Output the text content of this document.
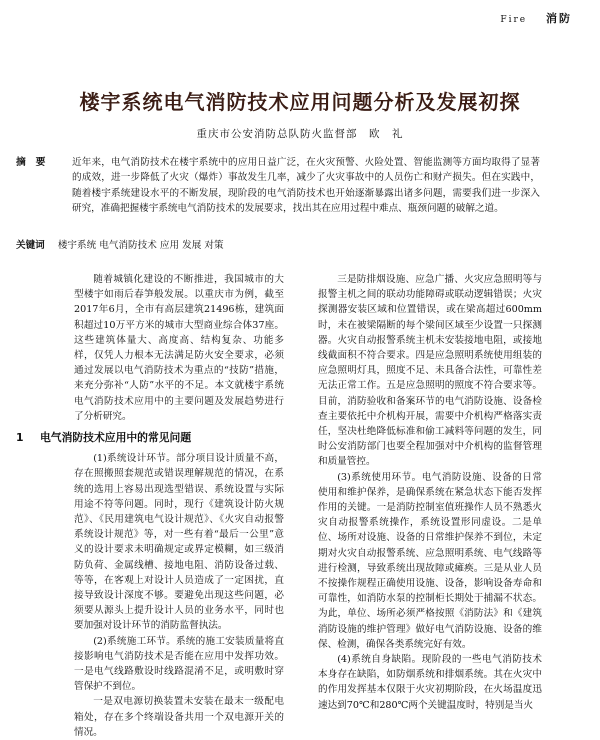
Fire 消防
楼宇系统电气消防技术应用问题分析及发展初探
重庆市公安消防总队防火监督部　欧　礼
摘　要	近年来，电气消防技术在楼宇系统中的应用日益广泛，在火灾预警、火险处置、智能监测等方面均取得了显著的成效，进一步降低了火灾（爆炸）事故发生几率，减少了火灾事故中的人员伤亡和财产损失。但在实践中，随着楼宇系统建设水平的不断发展，现阶段的电气消防技术也开始逐渐暴露出诸多问题，需要我们进一步深入研究，准确把握楼宇系统电气消防技术的发展要求，找出其在应用过程中难点、瓶颈问题的破解之道。

关键词 楼宇系统 电气消防技术 应用 发展 对策

随着城镇化建设的不断推进，我国城市的大型楼宇如雨后春笋般发展。以重庆市为例，截至2017年6月，全市有高层建筑21496栋，建筑面积超过10万平方米的城市大型商业综合体37座。这些建筑体量大、高度高、结构复杂、功能多样，仅凭人力根本无法满足防火安全要求，必须通过发展以电气消防技术为重点的“技防”措施，来充分弥补“人防”水平的不足。本文就楼宇系统电气消防技术应用中的主要问题及发展趋势进行了分析研究。

1 电气消防技术应用中的常见问题

(1)系统设计环节。部分项目设计质量不高，存在照搬照套规范或错误理解规范的情况，在系统的选用上容易出现选型错误、系统设置与实际用途不符等问题。同时，现行《建筑设计防火规范》、《民用建筑电气设计规范》、《火灾自动报警系统设计规范》等，对一些有着“最后一公里”意义的设计要求未明确规定或界定模糊，如三级消防负荷、金属线槽、接地电阻、消防设备过载、等等，在客观上对设计人员造成了一定困扰，直接导致设计深度不够。要避免出现这些问题，必须要从源头上提升设计人员的业务水平，同时也要加强对设计环节的消防监督执法。

(2)系统施工环节。系统的施工安装质量将直接影响电气消防技术是否能在应用中发挥功效。一是电气线路敷设时线路混淆不足，或明敷时穿管保护不到位。

一是双电源切换装置未安装在最末一级配电箱处，存在多个终端设备共用一个双电源开关的情况。

三是防排烟设施、应急广播、火灾应急照明等与报警主机之间的联动功能障碍或联动逻辑错误；火灾探测器安装区域和位置错误，或在梁高超过600mm时，未在被梁隔断的每个梁间区域至少设置一只探测器。火灾自动报警系统主机未安装接地电阻，或接地线截面积不符合要求。四是应急照明系统使用组装的应急照明灯具，照度不足、未具备合法性，可靠性差无法正常工作。五是应急照明的照度不符合要求等。目前，消防验收和备案环节的电气消防设施、设备检查主要依托中介机构开展，需要中介机构严格落实责任，坚决杜绝降低标准和偷工减料等问题的发生，同时公安消防部门也要全程加强对中介机构的监督管理和质量管控。

(3)系统使用环节。电气消防设施、设备的日常使用和维护保养，是确保系统在紧急状态下能否发挥作用的关键。一是消防控制室值班操作人员不熟悉火灾自动报警系统操作，系统设置形同虚设。二是单位、场所对设施、设备的日常维护保养不到位，未定期对火灾自动报警系统、应急照明系统、电气线路等进行检测，导致系统出现故障或瘫痪。三是从业人员不按操作规程正确使用设施、设备，影响设备寿命和可靠性，如消防水泵的控制柜长期处于捕漏不状态。为此，单位、场所必须严格按照《消防法》和《建筑消防设施的维护管理》做好电气消防设施、设备的维保、检测，确保各类系统完好有效。

(4)系统自身缺陷。现阶段的一些电气消防技术本身存在缺陷，如防烟系统和排烟系统。其在火灾中的作用发挥基本仅限于火灾初期阶段，在火场温度迅速达到70℃和280℃两个关键温度时，特别是当火
